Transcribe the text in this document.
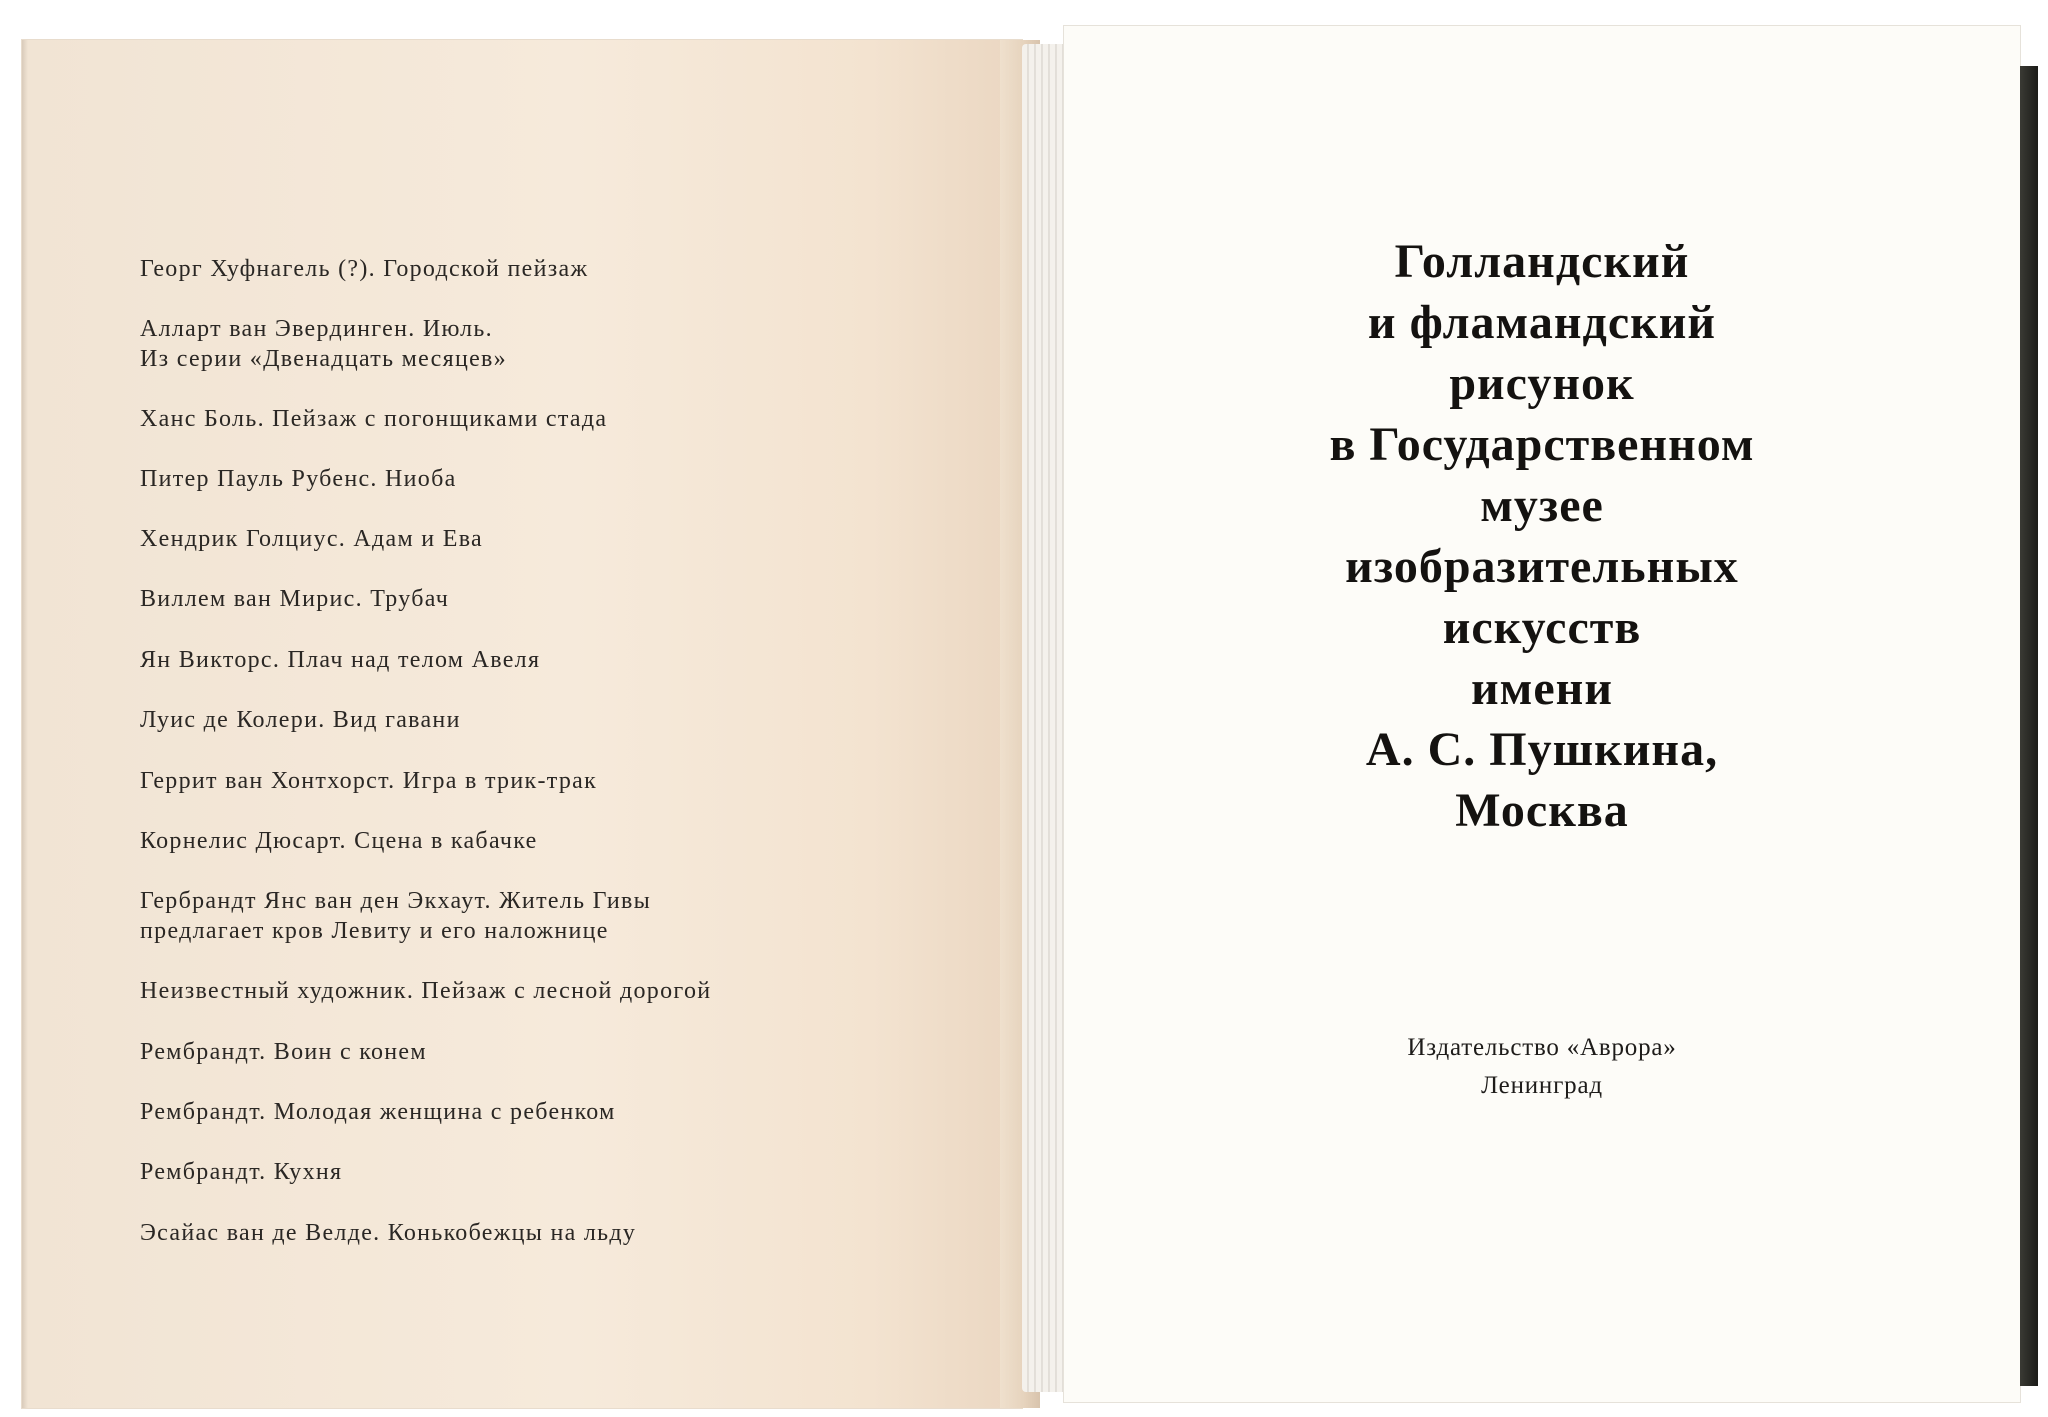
Георг Хуфнагель (?). Городской пейзаж
Алларт ван Эвердинген. Июль.
Из серии «Двенадцать месяцев»
Ханс Боль. Пейзаж с погонщиками стада
Питер Пауль Рубенс. Ниоба
Хендрик Голциус. Адам и Ева
Виллем ван Мирис. Трубач
Ян Викторс. Плач над телом Авеля
Луис де Колери. Вид гавани
Геррит ван Хонтхорст. Игра в трик-трак
Корнелис Дюсарт. Сцена в кабачке
Гербрандт Янс ван ден Экхаут. Житель Гивы
предлагает кров Левиту и его наложнице
Неизвестный художник. Пейзаж с лесной дорогой
Рембрандт. Воин с конем
Рембрандт. Молодая женщина с ребенком
Рембрандт. Кухня
Эсайас ван де Велде. Конькобежцы на льду
Голландский
и фламандский
рисунок
в Государственном
музее
изобразительных
искусств
имени
А. С. Пушкина,
Москва
Издательство «Аврора»
Ленинград
